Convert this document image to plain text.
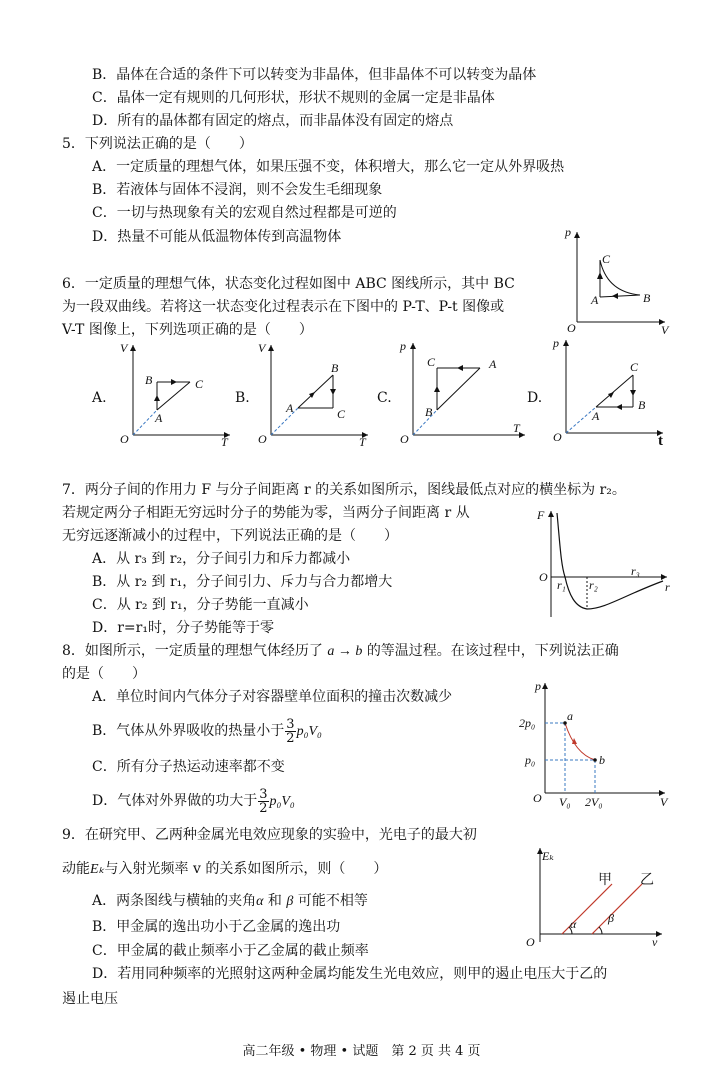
B．晶体在合适的条件下可以转变为非晶体，但非晶体不可以转变为晶体
C．晶体一定有规则的几何形状，形状不规则的金属一定是非晶体
D．所有的晶体都有固定的熔点，而非晶体没有固定的熔点
5．下列说法正确的是（　　）
A．一定质量的理想气体，如果压强不变，体积增大，那么它一定从外界吸热
B．若液体与固体不浸润，则不会发生毛细现象
C．一切与热现象有关的宏观自然过程都是可逆的
D．热量不可能从低温物体传到高温物体	p
V
O
C
A	B
6．一定质量的理想气体，状态变化过程如图中 ABC 图线所示，其中 BC
为一段双曲线。若将这一状态变化过程表示在下图中的 P-T、P-t 图像或
V-T 图像上，下列选项正确的是（　　）
A.
V
T
O
B	C
A
B.
V
T
O
B
C
A
C.
p
T
O
C	A
B
D.
p
t
O
C
B
A
7．两分子间的作用力 F 与分子间距离 r 的关系如图所示，图线最低点对应的横坐标为 r₂。
若规定两分子相距无穷远时分子的势能为零，当两分子间距离 r 从
无穷远逐渐减小的过程中，下列说法正确的是（　　）
A．从 r₃ 到 r₂，分子间引力和斥力都减小
B．从 r₂ 到 r₁，分子间引力、斥力与合力都增大
C．从 r₂ 到 r₁，分子势能一直减小
D．r=r₁时，分子势能等于零
F
r
O
r₁ r₂
r₃
8．如图所示，一定质量的理想气体经历了 a → b 的等温过程。在该过程中，下列说法正确
的是（　　）
A．单位时间内气体分子对容器壁单位面积的撞击次数减少
B．气体从外界吸收的热量小于 $\frac{3}{2} p_0V_0$
C．所有分子热运动速率都不变
D．气体对外界做的功大于 $\frac{3}{2} p_0V_0$
p
V
O
a
b
2p₀
p₀
V₀ 2V₀
9．在研究甲、乙两种金属光电效应现象的实验中，光电子的最大初
动能Eₖ与入射光频率 v 的关系如图所示，则（　　）
A．两条图线与横轴的夹角α 和 β 可能不相等
B．甲金属的逸出功小于乙金属的逸出功
C．甲金属的截止频率小于乙金属的截止频率
D．若用同种频率的光照射这两种金属均能发生光电效应，则甲的遏止电压大于乙的
遏止电压
Eₖ
v
O
α	β
甲 乙
高二年级 • 物理 • 试题　第 2 页 共 4 页
